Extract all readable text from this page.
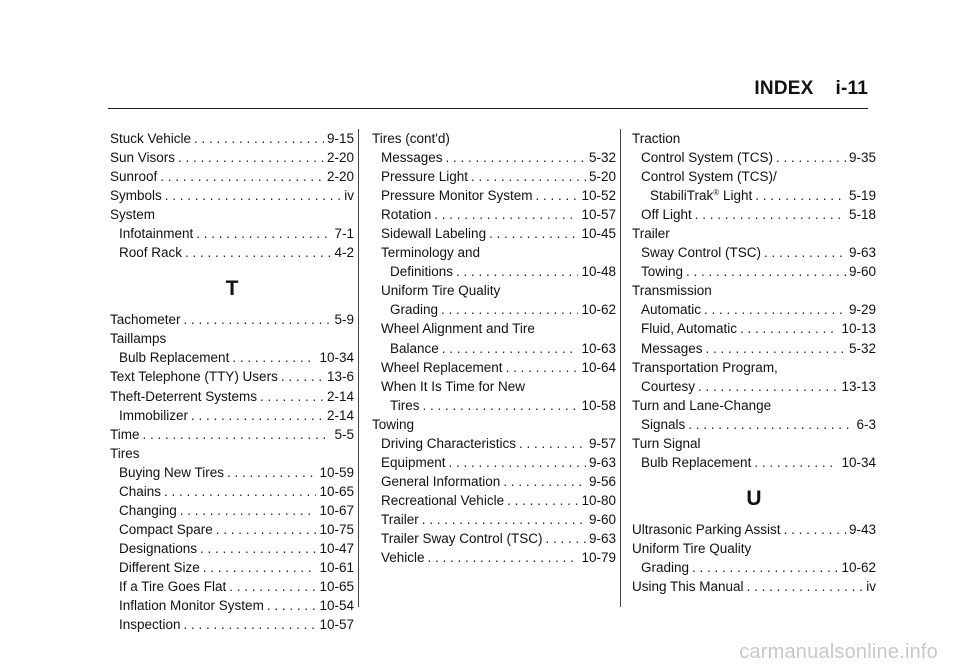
INDEX i-11
Stuck Vehicle . . .	9-15
Sun Visors . . .	2-20
Sunroof . . .	2-20
Symbols . . .	iv
System
Infotainment . . .	7-1
Roof Rack . . .	4-2
T
Tachometer . . .	5-9
Taillamps
Bulb Replacement . . .	10-34
Text Telephone (TTY) Users . . .	13-6
Theft-Deterrent Systems . . .	2-14
Immobilizer . . .	2-14
Time . . .	5-5
Tires
Buying New Tires . . .	10-59
Chains . . .	10-65
Changing . . .	10-67
Compact Spare . . .	10-75
Designations . . .	10-47
Different Size . . .	10-61
If a Tire Goes Flat . . .	10-65
Inflation Monitor System . . .	10-54
Inspection . . .	10-57
Tires (cont'd)
Messages . . .	5-32
Pressure Light . . .	5-20
Pressure Monitor System . . .	10-52
Rotation . . .	10-57
Sidewall Labeling . . .	10-45
Terminology and
Definitions . . .	10-48
Uniform Tire Quality
Grading . . .	10-62
Wheel Alignment and Tire
Balance . . .	10-63
Wheel Replacement . . .	10-64
When It Is Time for New
Tires . . .	10-58
Towing
Driving Characteristics . . .	9-57
Equipment . . .	9-63
General Information . . .	9-56
Recreational Vehicle . . .	10-80
Trailer . . .	9-60
Trailer Sway Control (TSC) . . .	9-63
Vehicle . . .	10-79
Traction
Control System (TCS) . . .	9-35
Control System (TCS)/
StabiliTrak® Light . . .	5-19
Off Light . . .	5-18
Trailer
Sway Control (TSC) . . .	9-63
Towing . . .	9-60
Transmission
Automatic . . .	9-29
Fluid, Automatic . . .	10-13
Messages . . .	5-32
Transportation Program,
Courtesy . . .	13-13
Turn and Lane-Change
Signals . . .	6-3
Turn Signal
Bulb Replacement . . .	10-34
U
Ultrasonic Parking Assist . . .	9-43
Uniform Tire Quality
Grading . . .	10-62
Using This Manual . . .	iv
carmanualsonline.info
